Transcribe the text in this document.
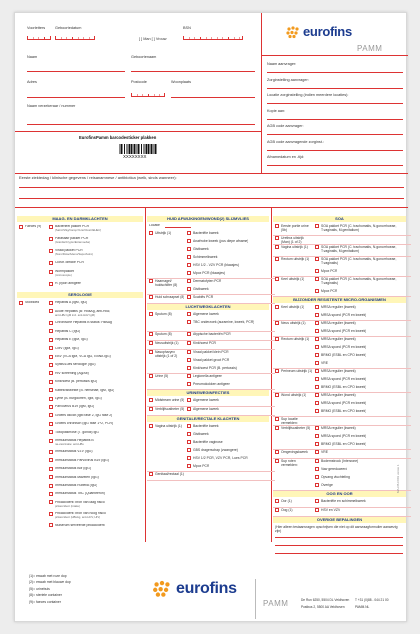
Voorletters	Geboortedatum	BSN
[ ] Man [ ] Vrouw
Naam	Geboortenaam
Adres	Postcode	Woonplaats
Naam verzekeraar / nummer
EurofinsPamm barcodesticker plakken
XXXXXXXX
eurofins
PAMM
Naam aanvrager:
Zorginstelling aanvrager:
Locatie zorginstelling (indien meerdere locaties):
Kopie aan:
AGB code aanvrager:
AGB code aanvragende zorginst.:
Afnamedatum en -tijd:
Eerste ziektedag / klinische gegevens / reisanamnese / antibiotica (welk, sinds wanneer):
MAAG- EN DARMKLACHTEN
Faeces (9)	Bacterieel pakket PCR
(Salm/Shig/Camp/Yersi/Clostr/EHEC)
Parasitair pakket PCR
(Giardia/Crypto/Entamoeba)
Viraal pakket PCR
(Noro/Rota/Adeno/Sapo/Astro)
Clostr. difficile PCR
Wormpakket
(microscopie)
H. pylori antigeen
SEROLOGIE
Stolbloed	Hepatitis A (IgM, IgG)
Acute Hepatitis (B: HBsAg, anti-HBc,
anti-HBc IgM incl. anti-HAV IgM)
Chronische Hepatitis B status: HBsAg
Hepatitis C (IgG)
Hepatitis E (IgM, IgG)
CMV (IgM, IgG)
EBV (VCA IgM, VCA IgG, EBNA IgG)
Syfilis/Lues serologie (IgG)
HIV screening (Ag/Ab)
Kinkhoest (B. pertussis IgG)
Kattekrabziekte (B. henselae, IgM, IgG)
Lyme (B. burgdorferi, IgM, IgG)
Parvovirus B19 (IgM, IgG)
Groeifs diccaf (IgM fase 2, IgG fase 2)
Groeifs chronisch (IgG fase 1+2, PCR)
Toxoplasmose (T. gondii) IgG
Immuunstatus Hepatitis B
na-vaccinatie: anti-HBs
Immuunstatus VZV (IgG)
Immuunstatus Parvovirus B19 (IgG)
Immuunstatus Bof (IgG)
Immuunstatus Mazelen (IgG)
Immuunstatus Rubella (IgG)
Immuunstatus TBC (Quantiferon)
Prikaccident: bron van laag risico
prikaccident (intake)
Prikaccident: bron van hoog risico
prikaccident (HBsAg, anti-HCV, HIV)
Nulserum serveerde prikaccident
HUID AFWIJKINGEN/WOND(2) SLIJMVLIES
Locatie
Uitstrijk (1)	Bacteriële kweek
Anaërobe kweek (pus diepe afname)
Gistkweek
Schimmelkweek
HSV 1/2 - VZV PCR (blaasjes)
Mpox PCR (blaasjes)
Haarnagel/ huidschilfer (8)
Dermatofyten PCR
Gistkweek
Huid schraapsel (8)	Scabiës PCR
LUCHTWEGKLACHTEN
Sputum (8)	Algemene kweek
TBC onderzoek (auramine, kweek, PCR)
Sputum (8)	Atypische bacteriën PCR
Neusuitstrijk (1)	Kinkhoest PCR
Nasopharynx uitstrijk (1 of 2)
Viraal pakket klein PCR
Viraal pakket groot PCR
Kinkhoest PCR (B. pertussis)
Urine (5)	Legionella antigeen
Pneumokokken antigeen
URINEWEGINFECTIES
Midstream urine (5)	Algemene kweek
Verblijfscatheter (5)	Algemene kweek
GENITALE/RECTALE KLACHTEN
Vagina uitstrijk (1)	Bacteriële kweek
Gistkweek
Bacteriële vaginose
GBS dragerschap (zwangere)
HSV 1/2 PCR, VZV PCR, Lues PCR
Mpox PCR
Genitaal/rectaal (1)
SOA
Eerste portie urine (5b)
SOA pakket PCR (C. trachomatis, N.gonorrhoeae, T.vaginalis, M.genitalium)
Urethra uitstrijk (Man) (1 of 2)
Vagina uitstrijk (1)	SOA pakket PCR (C. trachomatis, N.gonorrhoeae, T.vaginalis, M.genitalium)
Rectum uitstrijk (1)	SOA pakket PCR (C. trachomatis, N.gonorrhoeae, T.vaginalis)
Mpox PCR
Keel uitstrijk (1)	SOA pakket PCR (C. trachomatis, N.gonorrhoeae, T.vaginalis)
Mpox PCR
BIJZONDER RESISTENTE MICRO-ORGANISMEN
Keel uitstrijk (1)	MRSA regulier (kweek)
MRSA spoed (PCR en kweek)
Neus uitstrijk (1)	MRSA regulier (kweek)
MRSA spoed (PCR en kweek)
Rectum uitstrijk (1)	MRSA regulier (kweek)
MRSA spoed (PCR en kweek)
BRMO (ESBL en CPO kweek)
VRE
Perineum uitstrijk (1)	MRSA regulier (kweek)
MRSA spoed (PCR en kweek)
BRMO (ESBL en CPO kweek)
Wond uitstrijk (1)	MRSA regulier (kweek)
MRSA spoed (PCR en kweek)
BRMO (ESBL en CPO kweek)
Sup locatie vermelden:
Verblijfscatheter (5)	MRSA regulier (kweek)
MRSA spoed (PCR en kweek)
BRMO (ESBL en CPO kweek)
Omgevingskweek	VRE
Sup roten vermelden:
Bodemstrook (Interzone)
Vaw gereduceerd
Opvang vluchteling
Overige
OOG EN OOR
Oor (1)	Bacteriële en schimmelkweek
Oog (1)	HSV en VZV
OVERIGE BEPALINGEN
(Hier alleen testaanvragen opschrijven die niet op dit aanvraagformulier aanwezig zijn)
MA-FB-F001 versie 1
(1)= eswab met roze dop
(2)= eswab met blauwe dop
(5)= urinebuis
(8)= steriele container
(9)= faeces container
eurofins
PAMM	De Run 6250, 5504 DL Veldhoven
Postbus 2, 5500 AA Veldhoven
T +31 (0)88 - 044 21 00
PAMM.NL
